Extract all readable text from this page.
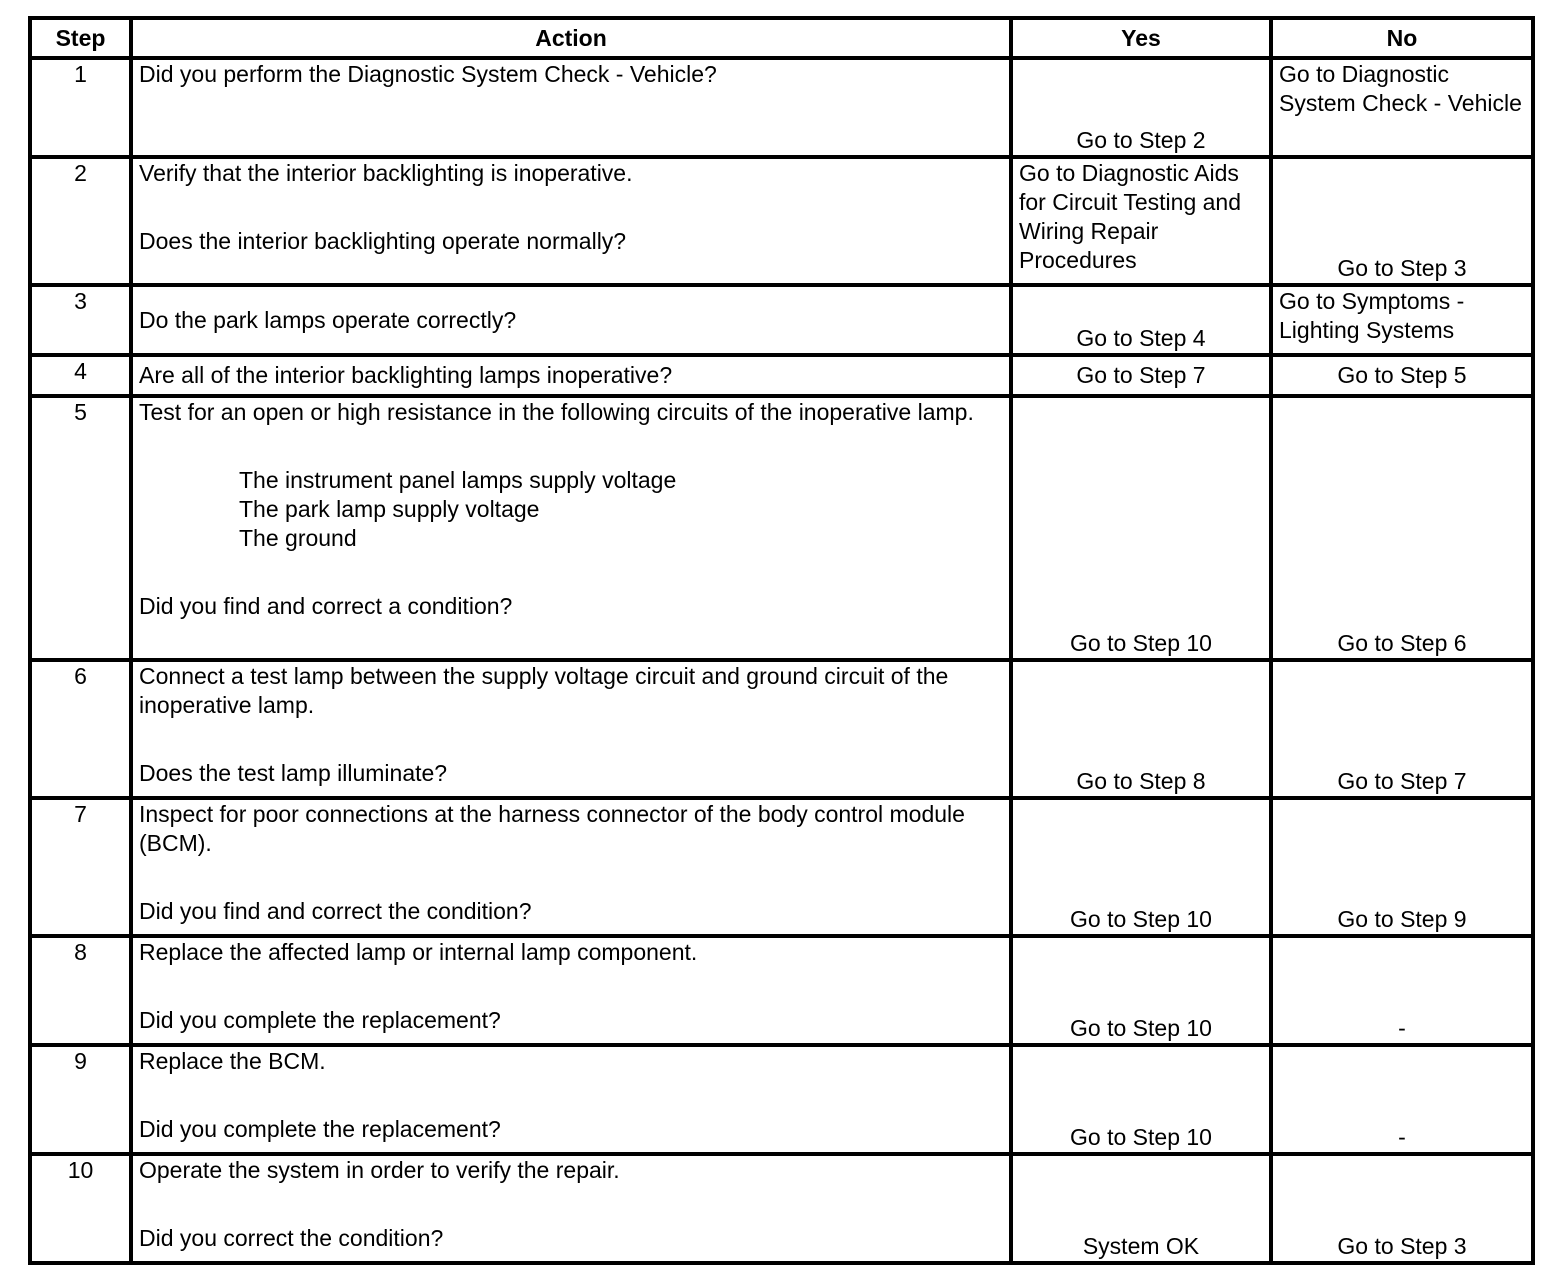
Step	Action	Yes	No
1	Did you perform the Diagnostic System Check - Vehicle?	Go to Step 2	Go to Diagnostic System Check - Vehicle

2	Verify that the interior backlighting is inoperative.
Does the interior backlighting operate normally?	Go to Diagnostic Aids for Circuit Testing and Wiring Repair Procedures	Go to Step 3

3	Do the park lamps operate correctly?	Go to Step 4	Go to Symptoms - Lighting Systems

4	Are all of the interior backlighting lamps inoperative?	Go to Step 7	Go to Step 5
5	Test for an open or high resistance in the following circuits of the inoperative lamp.
The instrument panel lamps supply voltage
The park lamp supply voltage
The ground
Did you find and correct a condition?	Go to Step 10	Go to Step 6

6	Connect a test lamp between the supply voltage circuit and ground circuit of the inoperative lamp.
Does the test lamp illuminate?	Go to Step 8	Go to Step 7

7	Inspect for poor connections at the harness connector of the body control module (BCM).
Did you find and correct the condition?	Go to Step 10	Go to Step 9

8	Replace the affected lamp or internal lamp component.
Did you complete the replacement?	Go to Step 10	-

9	Replace the BCM.
Did you complete the replacement?	Go to Step 10	-

10	Operate the system in order to verify the repair.
Did you correct the condition?	System OK	Go to Step 3
